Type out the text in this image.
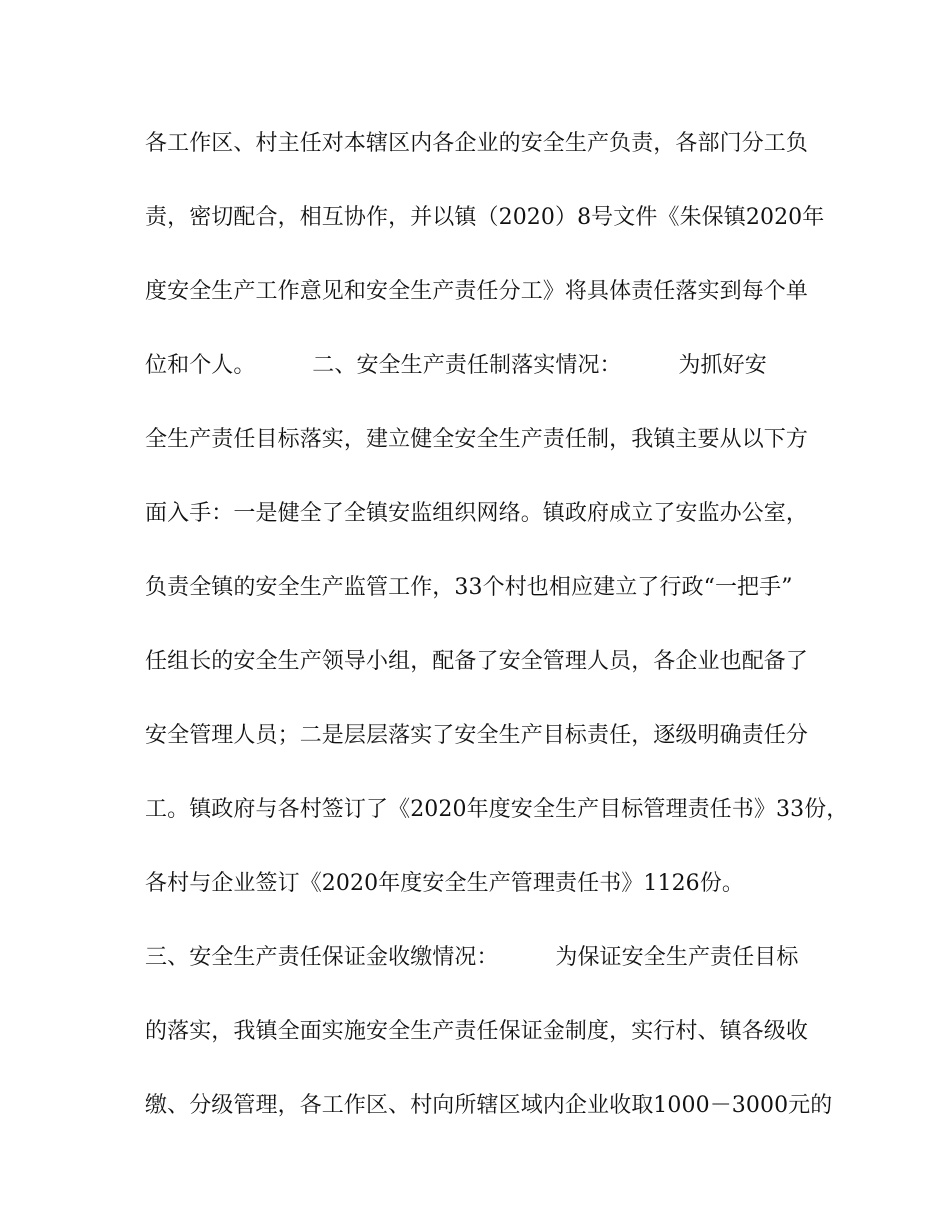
各工作区、村主任对本辖区内各企业的安全生产负责，各部门分工负
责，密切配合，相互协作，并以镇（2020）8号文件《朱保镇2020年
度安全生产工作意见和安全生产责任分工》将具体责任落实到每个单
位和个人。        二、安全生产责任制落实情况：        为抓好安
全生产责任目标落实，建立健全安全生产责任制，我镇主要从以下方
面入手：一是健全了全镇安监组织网络。镇政府成立了安监办公室，
负责全镇的安全生产监管工作，33个村也相应建立了行政“一把手”
任组长的安全生产领导小组，配备了安全管理人员，各企业也配备了
安全管理人员；二是层层落实了安全生产目标责任，逐级明确责任分
工。镇政府与各村签订了《2020年度安全生产目标管理责任书》33份，
各村与企业签订《2020年度安全生产管理责任书》1126份。
三、安全生产责任保证金收缴情况：        为保证安全生产责任目标
的落实，我镇全面实施安全生产责任保证金制度，实行村、镇各级收
缴、分级管理，各工作区、村向所辖区域内企业收取1000－3000元的
